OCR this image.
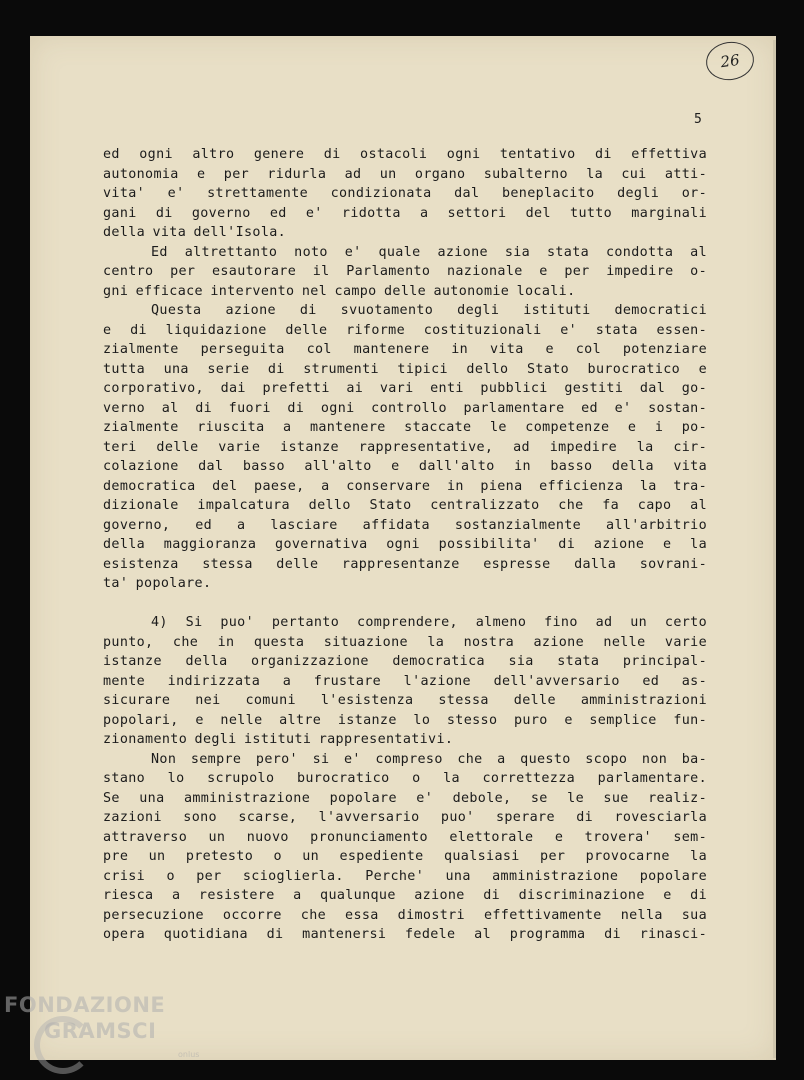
26
5
ed ogni altro genere di ostacoli ogni tentativo di effettiva
autonomia e per ridurla ad un organo subalterno la cui atti-
vita' e' strettamente condizionata dal beneplacito degli or-
gani di governo ed e' ridotta a settori del tutto marginali
della vita dell'Isola.
Ed altrettanto noto e' quale azione sia stata condotta al
centro per esautorare il Parlamento nazionale e per impedire o-
gni efficace intervento nel campo delle autonomie locali.
Questa azione di svuotamento degli istituti democratici
e di liquidazione delle riforme costituzionali e' stata essen-
zialmente perseguita col mantenere in vita e col potenziare
tutta una serie di strumenti tipici dello Stato burocratico e
corporativo, dai prefetti ai vari enti pubblici gestiti dal go-
verno al di fuori di ogni controllo parlamentare ed e' sostan-
zialmente riuscita a mantenere staccate le competenze e i po-
teri delle varie istanze rappresentative, ad impedire la cir-
colazione dal basso all'alto e dall'alto in basso della vita
democratica del paese, a conservare in piena efficienza la tra-
dizionale impalcatura dello Stato centralizzato che fa capo al
governo, ed a lasciare affidata sostanzialmente all'arbitrio
della maggioranza governativa ogni possibilita' di azione e la
esistenza stessa delle rappresentanze espresse dalla sovrani-
ta' popolare.
4) Si puo' pertanto comprendere, almeno fino ad un certo
punto, che in questa situazione la nostra azione nelle varie
istanze della organizzazione democratica sia stata principal-
mente indirizzata a frustare l'azione dell'avversario ed as-
sicurare nei comuni l'esistenza stessa delle amministrazioni
popolari, e nelle altre istanze lo stesso puro e semplice fun-
zionamento degli istituti rappresentativi.
Non sempre pero' si e' compreso che a questo scopo non ba-
stano lo scrupolo burocratico o la correttezza parlamentare.
Se una amministrazione popolare e' debole, se le sue realiz-
zazioni sono scarse, l'avversario puo' sperare di rovesciarla
attraverso un nuovo pronunciamento elettorale e trovera' sem-
pre un pretesto o un espediente qualsiasi per provocarne la
crisi o per scioglierla. Perche' una amministrazione popolare
riesca a resistere a qualunque azione di discriminazione e di
persecuzione occorre che essa dimostri effettivamente nella sua
opera quotidiana di mantenersi fedele al programma di rinasci-
FONDAZIONE
GRAMSCI
onlus
